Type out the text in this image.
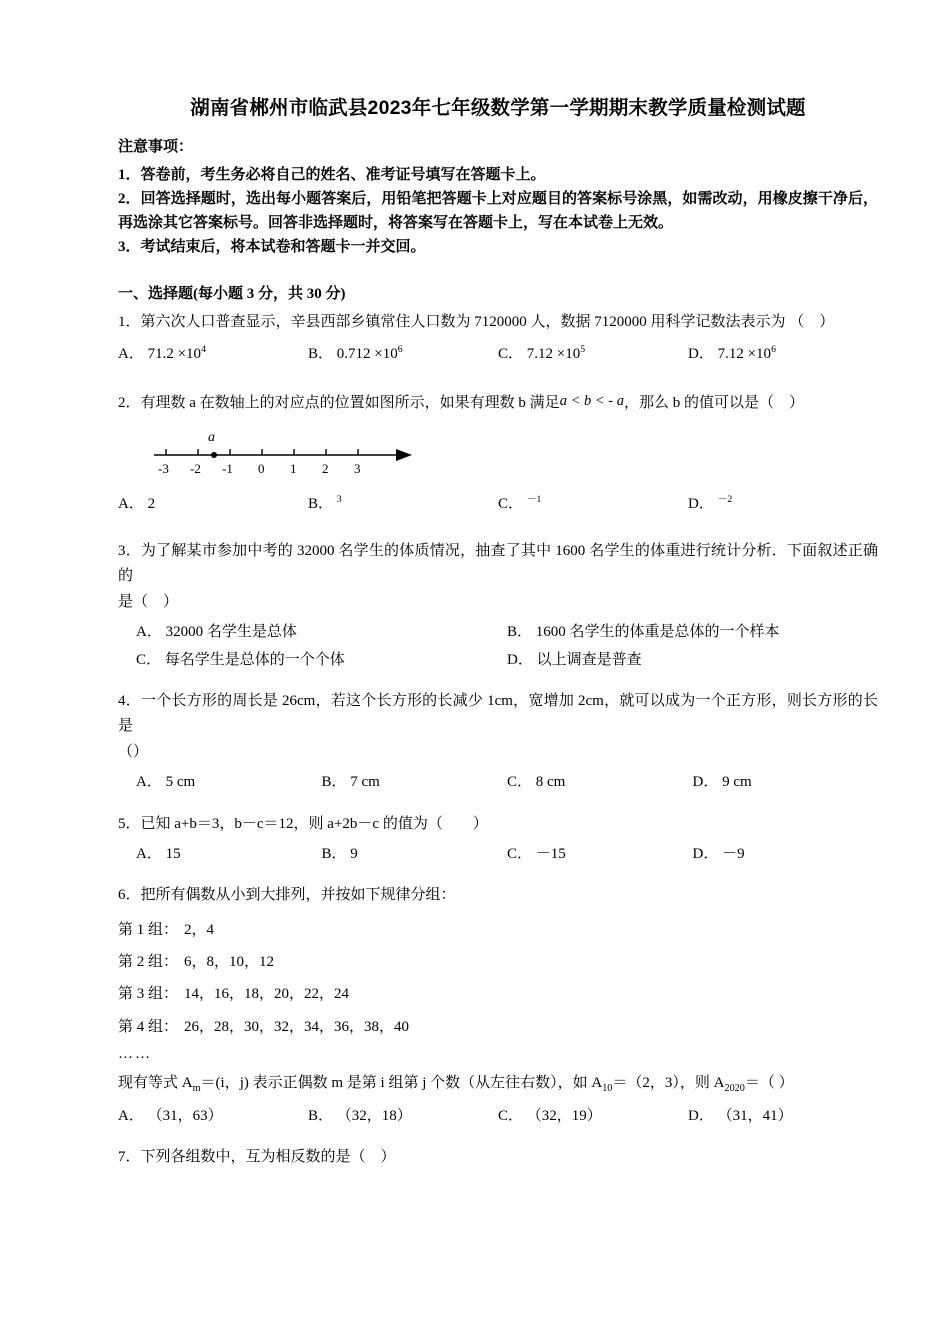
湖南省郴州市临武县2023年七年级数学第一学期期末教学质量检测试题

注意事项：

1．答卷前，考生务必将自己的姓名、准考证号填写在答题卡上。

2．回答选择题时，选出每小题答案后，用铅笔把答题卡上对应题目的答案标号涂黑，如需改动，用橡皮擦干净后，再选涂其它答案标号。回答非选择题时，将答案写在答题卡上，写在本试卷上无效。

3．考试结束后，将本试卷和答题卡一并交回。

一、选择题(每小题 3 分，共 30 分)

1．第六次人口普查显示，辛县西部乡镇常住人口数为 7120000 人，数据 7120000 用科学记数法表示为 （　）

A． $71.2 \times 10^4$	B． $0.712 \times 10^6$	C． $7.12 \times 10^5$	D． $7.12 \times 10^6$

2．有理数 a 在数轴上的对应点的位置如图所示，如果有理数 b 满足a < b < - a，那么 b 的值可以是（　）

a
-3 -2 -1 0 1 2 3
A． 2	B． $^3$	C． $^{-1}$	D． $^{-2}$

3．为了解某市参加中考的 32000 名学生的体质情况，抽查了其中 1600 名学生的体重进行统计分析．下面叙述正确的

是（　）

A． 32000 名学生是总体	B． 1600 名学生的体重是总体的一个样本
C． 每名学生是总体的一个个体	D． 以上调查是普查

4．一个长方形的周长是 26cm，若这个长方形的长减少 1cm，宽增加 2cm，就可以成为一个正方形，则长方形的长是

（）

A． 5 cm	B． 7 cm	C． 8 cm	D． 9 cm

5．已知 a+b＝3，b－c＝12，则 a+2b－c 的值为（　　）

A． 15	B． 9	C． －15	D． －9

6．把所有偶数从小到大排列，并按如下规律分组：

第 1 组： 2，4

第 2 组： 6，8，10，12

第 3 组： 14，16，18，20，22，24

第 4 组： 26，28，30，32，34，36，38，40

……

现有等式 $A_m=(i$，j) 表示正偶数 m 是第 i 组第 j 个数（从左往右数），如 $A_{10}=(2$，3），则 $A_{2020}=$（ ）

A． （31，63）	B． （32，18）	C． （32，19）	D． （31，41）

7．下列各组数中，互为相反数的是（　）
